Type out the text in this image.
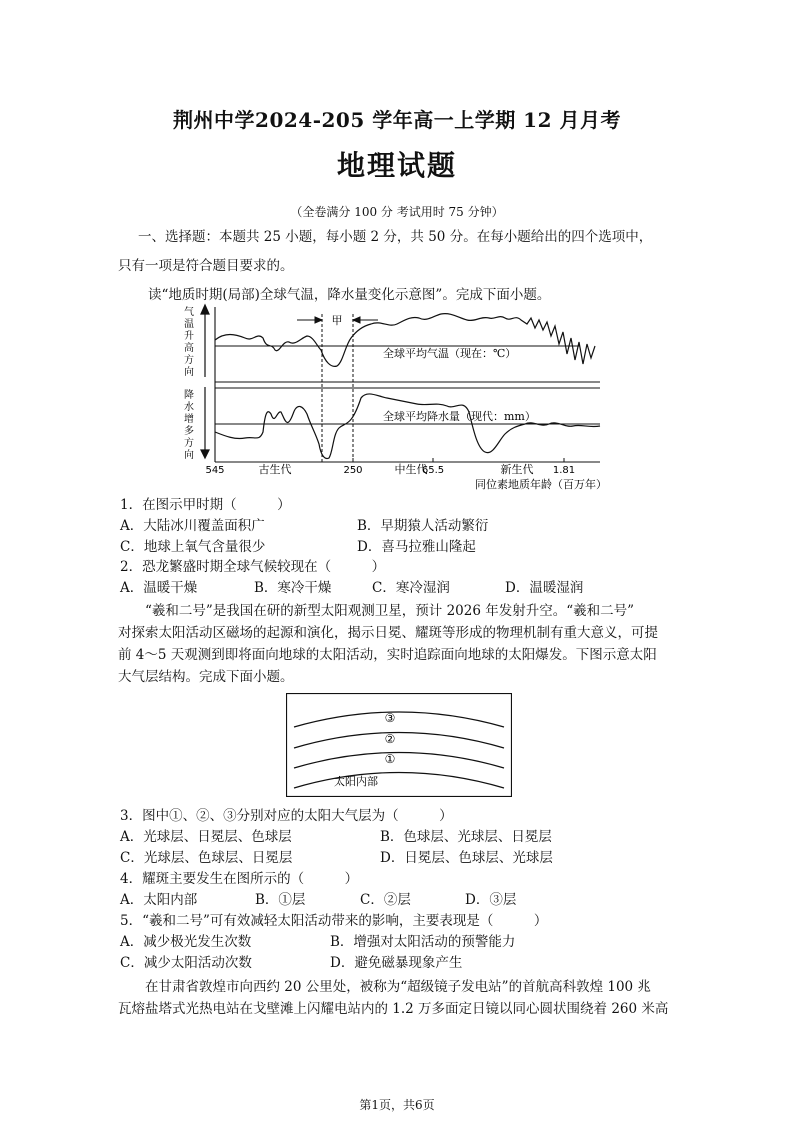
荆州中学2024-205 学年高一上学期 12 月月考
地理试题
（全卷满分 100 分 考试用时 75 分钟）
一、选择题：本题共 25 小题，每小题 2 分，共 50 分。在每小题给出的四个选项中，
只有一项是符合题目要求的。
读“地质时期(局部)全球气温，降水量变化示意图”。完成下面小题。
气
温
升
高
方
向
降
水
增
多
方
向
甲
全球平均气温（现在：℃）
全球平均降水量（现代：mm）
545	250	65.5	1.81
古生代	中生代	新生代
同位素地质年龄（百万年）
1．在图示甲时期（　　　）
A．大陆冰川覆盖面积广	B．早期猿人活动繁衍
C．地球上氧气含量很少	D．喜马拉雅山隆起
2．恐龙繁盛时期全球气候较现在（　　　）
A．温暖干燥	B．寒冷干燥	C．寒冷湿润	D．温暖湿润
“羲和二号”是我国在研的新型太阳观测卫星，预计 2026 年发射升空。“羲和二号”
对探索太阳活动区磁场的起源和演化，揭示日冕、耀斑等形成的物理机制有重大意义，可提
前 4～5 天观测到即将面向地球的太阳活动，实时追踪面向地球的太阳爆发。下图示意太阳
大气层结构。完成下面小题。
③
②
①
太阳内部
3．图中①、②、③分别对应的太阳大气层为（　　　）
A．光球层、日冕层、色球层	B．色球层、光球层、日冕层
C．光球层、色球层、日冕层	D．日冕层、色球层、光球层
4．耀斑主要发生在图所示的（　　　）
A．太阳内部	B．①层	C．②层	D．③层
5．“羲和二号”可有效减轻太阳活动带来的影响，主要表现是（　　　）
A．减少极光发生次数	B．增强对太阳活动的预警能力
C．减少太阳活动次数	D．避免磁暴现象产生
在甘肃省敦煌市向西约 20 公里处，被称为“超级镜子发电站”的首航高科敦煌 100 兆
瓦熔盐塔式光热电站在戈壁滩上闪耀电站内的 1.2 万多面定日镜以同心圆状围绕着 260 米高
第1页，共6页
